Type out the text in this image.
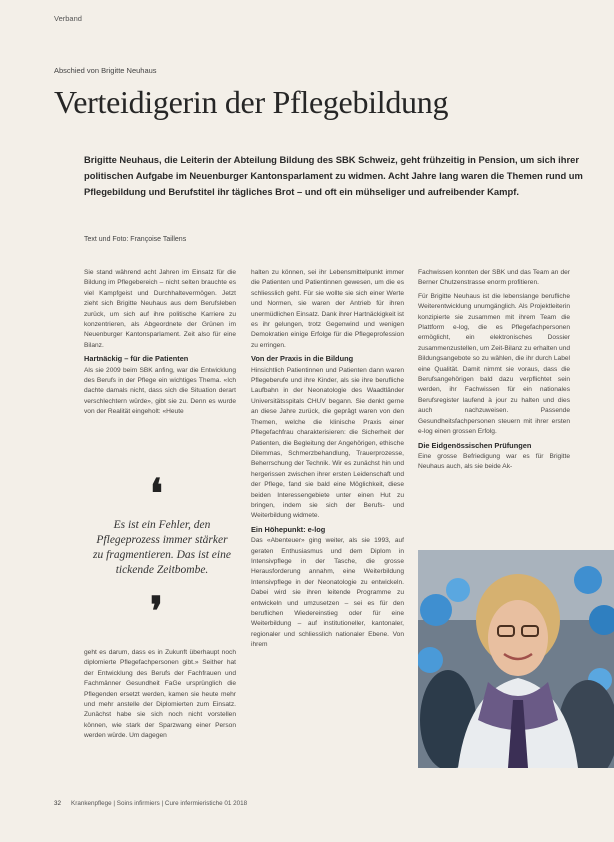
Verband
Abschied von Brigitte Neuhaus
Verteidigerin der Pflegebildung
Brigitte Neuhaus, die Leiterin der Abteilung Bildung des SBK Schweiz, geht frühzeitig in Pension, um sich ihrer politischen Aufgabe im Neuenburger Kantonsparlament zu widmen. Acht Jahre lang waren die Themen rund um Pflegebildung und Berufstitel ihr tägliches Brot – und oft ein mühseliger und aufreibender Kampf.
Text und Foto: Françoise Taillens

Sie stand während acht Jahren im Einsatz für die Bildung im Pflegebereich – nicht selten brauchte es viel Kampfgeist und Durchhaltevermögen. Jetzt zieht sich Brigitte Neuhaus aus dem Berufsleben zurück, um sich auf ihre politische Karriere zu konzentrieren, als Abgeordnete der Grünen im Neuenburger Kantonsparlament. Zeit also für eine Bilanz.

Hartnäckig – für die Patienten

Als sie 2009 beim SBK anfing, war die Entwicklung des Berufs in der Pflege ein wichtiges Thema. «Ich dachte damals nicht, dass sich die Situation derart verschlechtern würde», gibt sie zu. Denn es wurde von der Realität eingeholt: «Heute

❛
Es ist ein Fehler, den Pflegeprozess immer stärker zu fragmentieren. Das ist eine tickende Zeitbombe.
❜

geht es darum, dass es in Zukunft überhaupt noch diplomierte Pflegefachpersonen gibt.» Seither hat der Entwicklung des Berufs der Fachfrauen und Fachmänner Gesundheit FaGe ursprünglich die Pflegenden ersetzt werden, kamen sie heute mehr und mehr anstelle der Diplomierten zum Einsatz. Zunächst habe sie sich noch nicht vorstellen können, wie stark der Sparzwang einer Person werden würde. Um dagegen

halten zu können, sei ihr Lebensmittelpunkt immer die Patienten und Patientinnen gewesen, um die es schliesslich geht. Für sie wollte sie sich einer Werte und Normen, sie waren der Antrieb für ihren unermüdlichen Einsatz. Dank ihrer Hartnäckigkeit ist es ihr gelungen, trotz Gegenwind und wenigen Demokratien einige Erfolge für die Pflegeprofession zu erringen.

Von der Praxis in die Bildung

Hinsichtlich Patientinnen und Patienten dann waren Pflegeberufe und ihre Kinder, als sie ihre berufliche Laufbahn in der Neonatologie des Waadtländer Universitätsspitals CHUV begann. Sie denkt gerne an diese Jahre zurück, die geprägt waren von den Themen, welche die klinische Praxis einer Pflegefachfrau charakterisieren: die Sicherheit der Patienten, die Begleitung der Angehörigen, ethische Dilemmas, Schmerzbehandlung, Trauerprozesse, Beherrschung der Technik. Wir es zunächst hin und hergerissen zwischen ihrer ersten Leidenschaft und der Pflege, fand sie bald eine Möglichkeit, diese beiden Interessengebiete unter einen Hut zu bringen, indem sie sich der Berufs- und Weiterbildung widmete.

Ein Höhepunkt: e-log

Das «Abenteuer» ging weiter, als sie 1993, auf geraten Enthusiasmus und dem Diplom in Intensivpflege in der Tasche, die grosse Herausforderung annahm, eine Weiterbildung Intensivpflege in der Neonatologie zu entwickeln. Dabei wird sie ihren leitende Programme zu entwickeln und umzusetzen – sei es für den beruflichen Wiedereinstieg oder für eine Weiterbildung – auf institutioneller, kantonaler, regionaler und schliesslich nationaler Ebene. Von ihrem

Fachwissen konnten der SBK und das Team an der Berner Chutzenstrasse enorm profitieren.

Für Brigitte Neuhaus ist die lebenslange berufliche Weiterentwicklung unumgänglich. Als Projektleiterin konzipierte sie zusammen mit ihrem Team die Plattform e-log, die es Pflegefachpersonen ermöglicht, ein elektronisches Dossier zusammenzustellen, um Zeit-Bilanz zu erhalten und Bildungsangebote so zu wählen, die ihr durch Label eine Qualität. Damit nimmt sie voraus, dass die Berufsangehörigen bald dazu verpflichtet sein werden, ihr Fachwissen für ein nationales Berufsregister laufend à jour zu halten und dies auch nachzuweisen. Passende Gesundheitsfachpersonen steuern mit ihrer ersten e-log einen grossen Erfolg.

Die Eidgenössischen Prüfungen

Eine grosse Befriedigung war es für Brigitte Neuhaus auch, als sie beide Ak-

32 Krankenpflege | Soins infirmiers | Cure infermieristiche 01 2018
